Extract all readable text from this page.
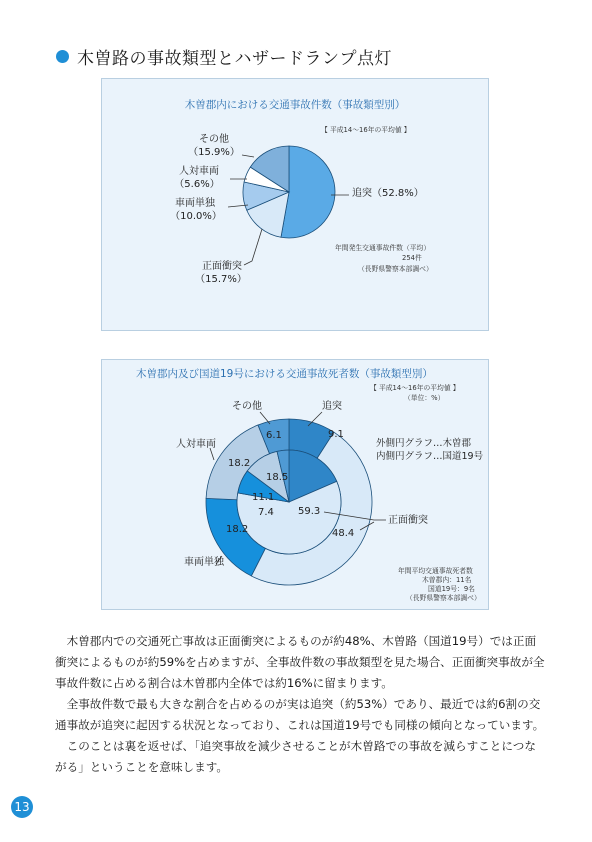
木曽路の事故類型とハザードランプ点灯
木曽郡内における交通事故件数（事故類型別）
【 平成14〜16年の平均値 】
その他
（15.9%）
人対車両
（5.6%）
車両単独
（10.0%）
追突（52.8%）
正面衝突
（15.7%）
年間発生交通事故件数（平均）
254件
（長野県警察本部調べ）
木曽郡内及び国道19号における交通事故死者数（事故類型別）
【 平成14〜16年の平均値 】
（単位：%）
その他	追突
人対車両
車両単独
正面衝突
9.1
48.4
18.2
18.2
6.1
18.5
59.3
7.4
11.1
外側円グラフ…木曽郡
内側円グラフ…国道19号
年間平均交通事故死者数
木曽郡内：11名
国道19号：9名
（長野県警察本部調べ）

木曽郡内での交通死亡事故は正面衝突によるものが約48%、木曽路（国道19号）では正面衝突によるものが約59%を占めますが、全事故件数の事故類型を見た場合、正面衝突事故が全事故件数に占める割合は木曽郡内全体では約16%に留まります。

全事故件数で最も大きな割合を占めるのが実は追突（約53%）であり、最近では約6割の交通事故が追突に起因する状況となっており、これは国道19号でも同様の傾向となっています。

このことは裏を返せば、「追突事故を減少させることが木曽路での事故を減らすことにつながる」ということを意味します。

13
